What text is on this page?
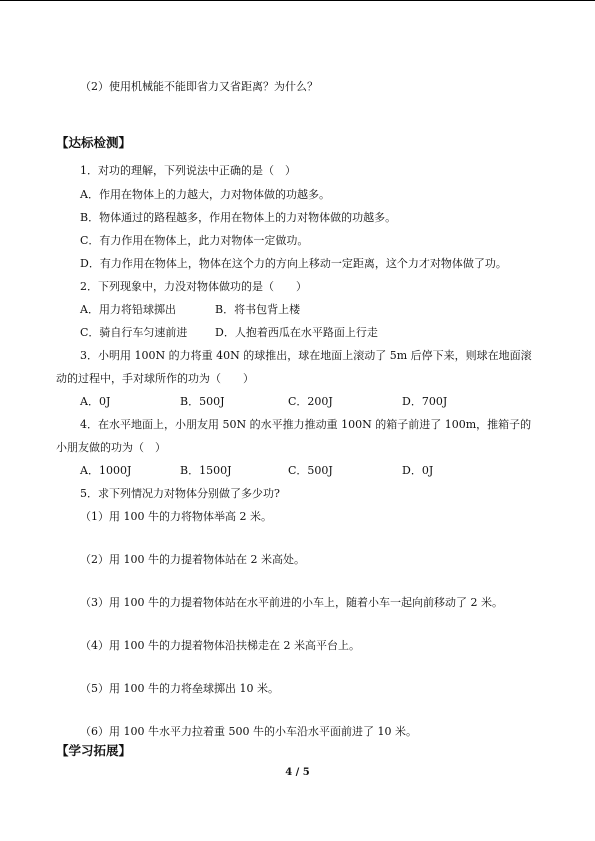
（2）使用机械能不能即省力又省距离？为什么？
【达标检测】
1．对功的理解，下列说法中正确的是（　）
A．作用在物体上的力越大，力对物体做的功越多。
B．物体通过的路程越多，作用在物体上的力对物体做的功越多。
C．有力作用在物体上，此力对物体一定做功。
D．有力作用在物体上，物体在这个力的方向上移动一定距离，这个力才对物体做了功。
2．下列现象中，力没对物体做功的是（　　）
A．用力将铅球掷出	B．将书包背上楼
C．骑自行车匀速前进	D．人抱着西瓜在水平路面上行走
3．小明用 100N 的力将重 40N 的球推出，球在地面上滚动了 5m 后停下来，则球在地面滚
动的过程中，手对球所作的功为（　　）
A．0J	B．500J	C．200J	D．700J
4．在水平地面上，小朋友用 50N 的水平推力推动重 100N 的箱子前进了 100m，推箱子的
小朋友做的功为（　）
A．1000J	B．1500J	C．500J	D．0J
5．求下列情况力对物体分别做了多少功?
（1）用 100 牛的力将物体举高 2 米。
（2）用 100 牛的力提着物体站在 2 米高处。
（3）用 100 牛的力提着物体站在水平前进的小车上，随着小车一起向前移动了 2 米。
（4）用 100 牛的力提着物体沿扶梯走在 2 米高平台上。
（5）用 100 牛的力将垒球掷出 10 米。
（6）用 100 牛水平力拉着重 500 牛的小车沿水平面前进了 10 米。
【学习拓展】
4 / 5
